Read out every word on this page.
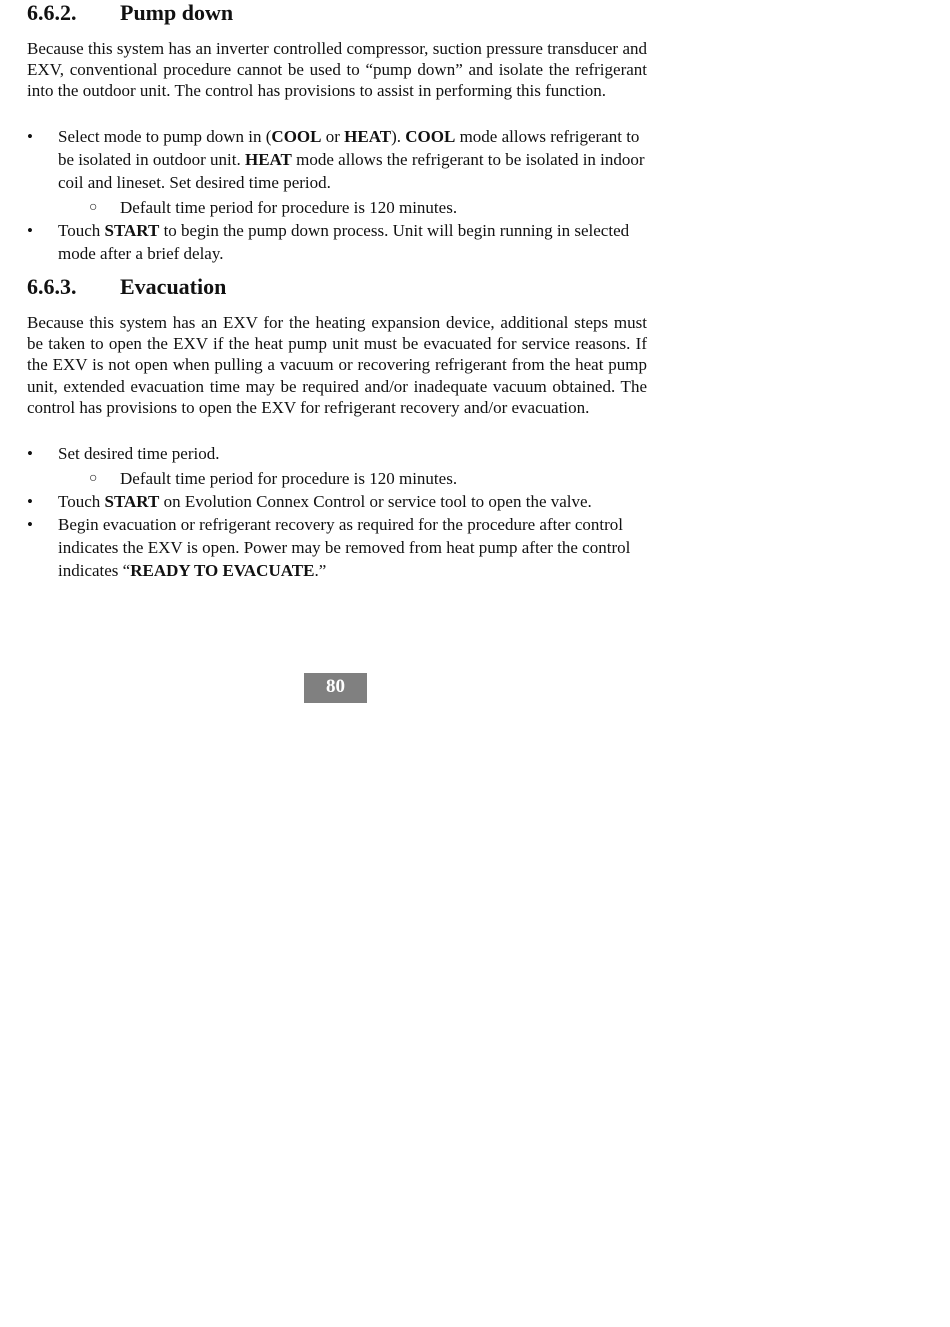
6.6.2.	Pump down

Because this system has an inverter controlled compressor, suction pressure transducer and EXV, conventional procedure cannot be used to “pump down” and isolate the refrigerant into the outdoor unit. The control has provisions to assist in performing this function.

• Select mode to pump down in (COOL or HEAT). COOL mode allows refrigerant to be isolated in outdoor unit. HEAT mode allows the refrigerant to be isolated in indoor coil and lineset. Set desired time period.
○ Default time period for procedure is 120 minutes.
• Touch START to begin the pump down process. Unit will begin running in selected mode after a brief delay.
6.6.3.	Evacuation

Because this system has an EXV for the heating expansion device, additional steps must be taken to open the EXV if the heat pump unit must be evacuated for service reasons. If the EXV is not open when pulling a vacuum or recovering refrigerant from the heat pump unit, extended evacuation time may be required and/or inadequate vacuum obtained. The control has provisions to open the EXV for refrigerant recovery and/or evacuation.

• Set desired time period.
○ Default time period for procedure is 120 minutes.
• Touch START on Evolution Connex Control or service tool to open the valve.
• Begin evacuation or refrigerant recovery as required for the procedure after control indicates the EXV is open. Power may be removed from heat pump after the control indicates “READY TO EVACUATE.”
80
